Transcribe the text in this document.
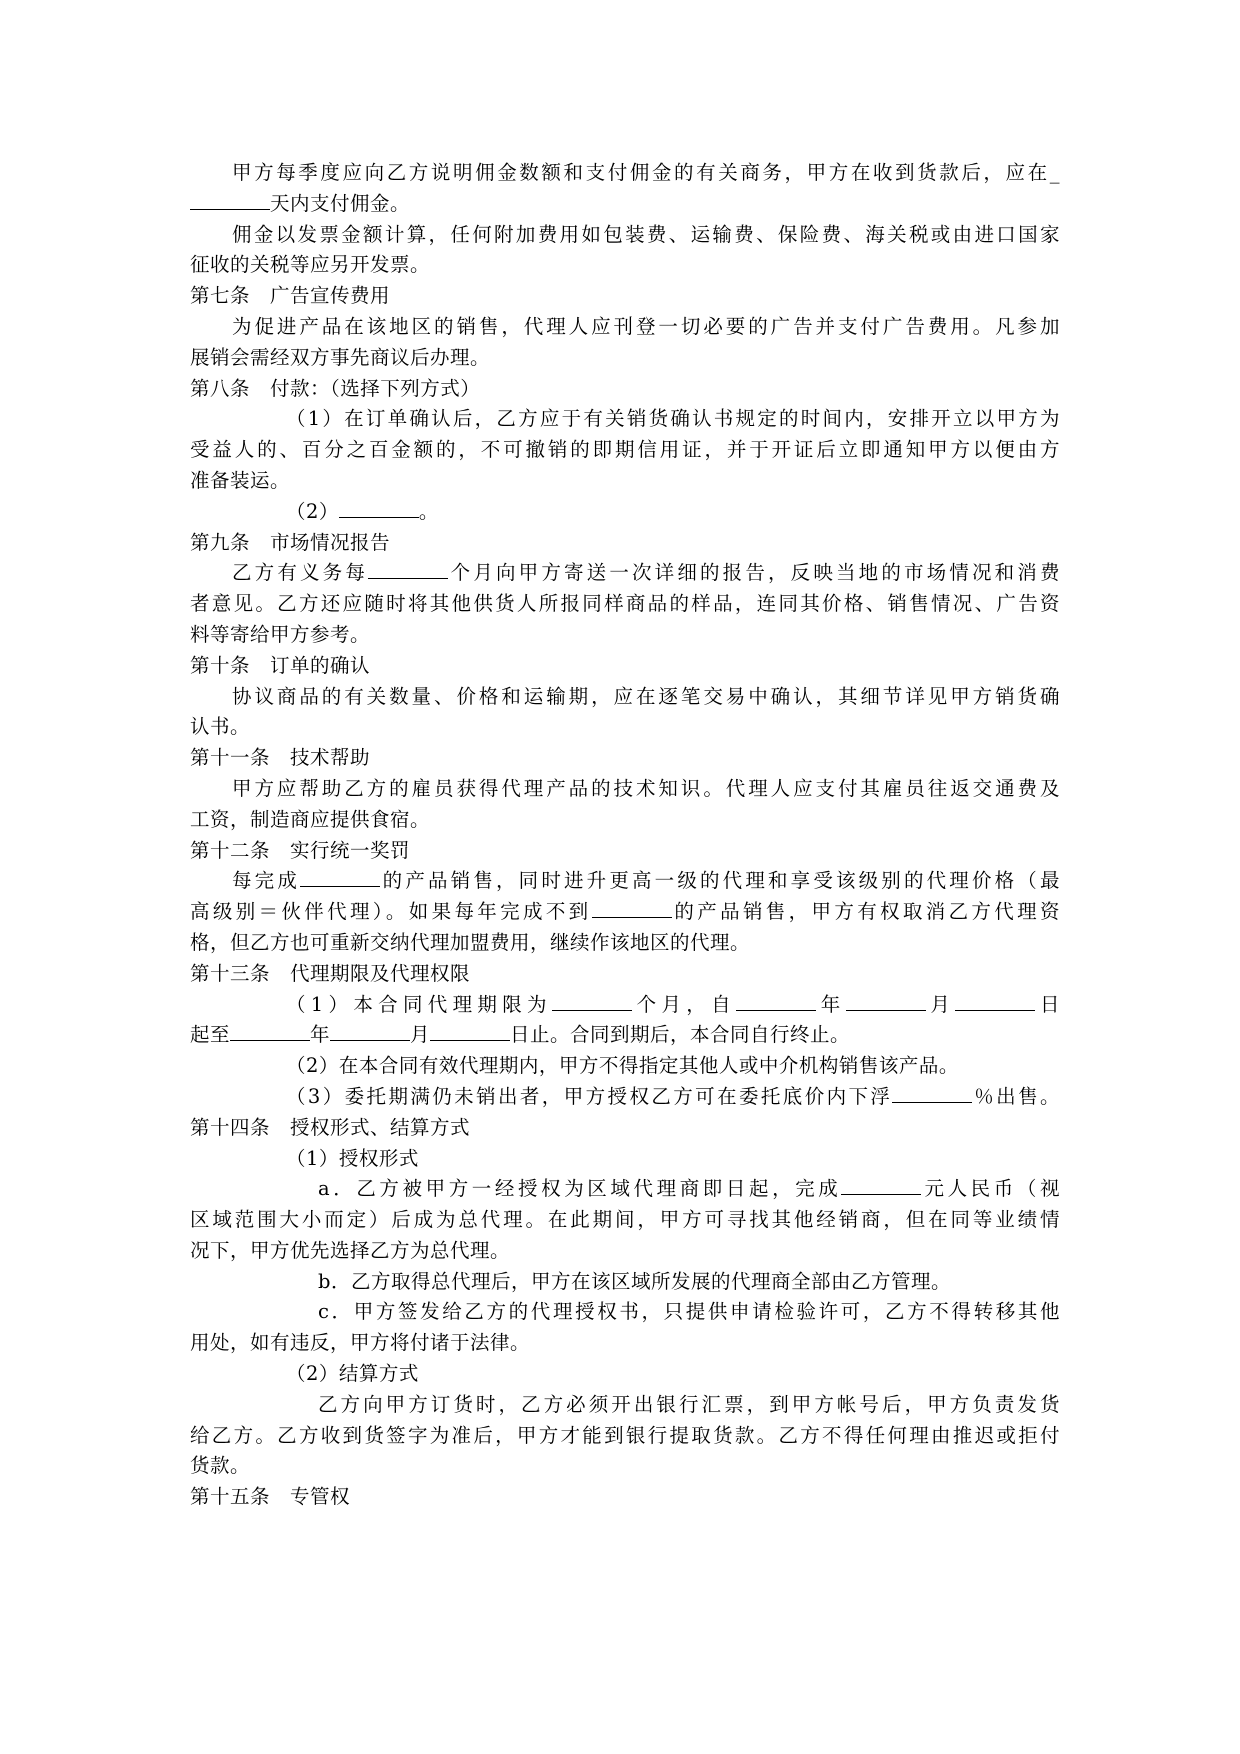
甲方每季度应向乙方说明佣金数额和支付佣金的有关商务，甲方在收到货款后，应在_
天内支付佣金。
佣金以发票金额计算，任何附加费用如包装费、运输费、保险费、海关税或由进口国家
征收的关税等应另开发票。
第七条　广告宣传费用
为促进产品在该地区的销售，代理人应刊登一切必要的广告并支付广告费用。凡参加
展销会需经双方事先商议后办理。
第八条　付款：（选择下列方式）
（1）在订单确认后，乙方应于有关销货确认书规定的时间内，安排开立以甲方为
受益人的、百分之百金额的，不可撤销的即期信用证，并于开证后立即通知甲方以便由方
准备装运。
（2）	。
第九条　市场情况报告
乙方有义务每	个月向甲方寄送一次详细的报告，反映当地的市场情况和消费
者意见。乙方还应随时将其他供货人所报同样商品的样品，连同其价格、销售情况、广告资
料等寄给甲方参考。
第十条　订单的确认
协议商品的有关数量、价格和运输期，应在逐笔交易中确认，其细节详见甲方销货确
认书。
第十一条　技术帮助
甲方应帮助乙方的雇员获得代理产品的技术知识。代理人应支付其雇员往返交通费及
工资，制造商应提供食宿。
第十二条　实行统一奖罚
每完成	的产品销售，同时进升更高一级的代理和享受该级别的代理价格（最
高级别＝伙伴代理）。如果每年完成不到	的产品销售，甲方有权取消乙方代理资
格，但乙方也可重新交纳代理加盟费用，继续作该地区的代理。
第十三条　代理期限及代理权限
（1）本合同代理期限为	个月，自	年	月	日
起至	年	月	日止。合同到期后，本合同自行终止。
（2）在本合同有效代理期内，甲方不得指定其他人或中介机构销售该产品。
（3）委托期满仍未销出者，甲方授权乙方可在委托底价内下浮	％出售。
第十四条　授权形式、结算方式
（1）授权形式
a．乙方被甲方一经授权为区域代理商即日起，完成	元人民币（视
区域范围大小而定）后成为总代理。在此期间，甲方可寻找其他经销商，但在同等业绩情
况下，甲方优先选择乙方为总代理。
b．乙方取得总代理后，甲方在该区域所发展的代理商全部由乙方管理。
c．甲方签发给乙方的代理授权书，只提供申请检验许可，乙方不得转移其他
用处，如有违反，甲方将付诸于法律。
（2）结算方式
乙方向甲方订货时，乙方必须开出银行汇票，到甲方帐号后，甲方负责发货
给乙方。乙方收到货签字为准后，甲方才能到银行提取货款。乙方不得任何理由推迟或拒付
货款。
第十五条　专管权
